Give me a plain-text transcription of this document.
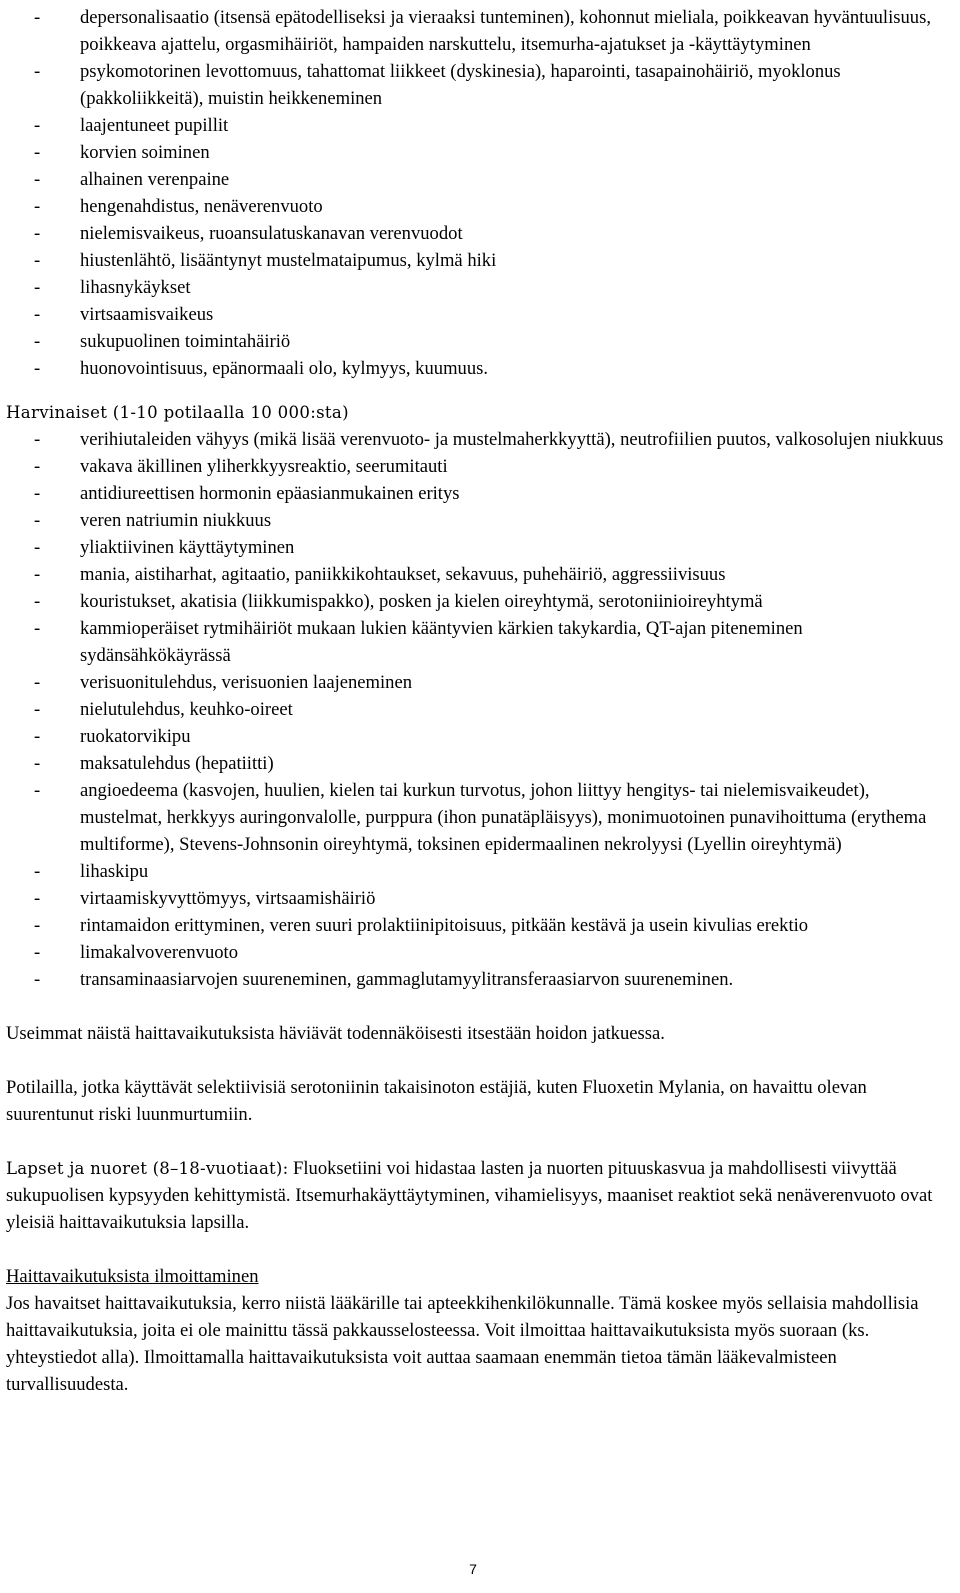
- depersonalisaatio (itsensä epätodelliseksi ja vieraaksi tunteminen), kohonnut mieliala, poikkeavan hyväntuulisuus, poikkeava ajattelu, orgasmihäiriöt, hampaiden narskuttelu, itsemurha-ajatukset ja -käyttäytyminen
- psykomotorinen levottomuus, tahattomat liikkeet (dyskinesia), haparointi, tasapainohäiriö, myoklonus (pakkoliikkeitä), muistin heikkeneminen
- laajentuneet pupillit
- korvien soiminen
- alhainen verenpaine
- hengenahdistus, nenäverenvuoto
- nielemisvaikeus, ruoansulatuskanavan verenvuodot
- hiustenlähtö, lisääntynyt mustelmataipumus, kylmä hiki
- lihasnykäykset
- virtsaamisvaikeus
- sukupuolinen toimintahäiriö
- huonovointisuus, epänormaali olo, kylmyys, kuumuus.
Harvinaiset (1-10 potilaalla 10 000:sta)
- verihiutaleiden vähyys (mikä lisää verenvuoto- ja mustelmaherkkyyttä), neutrofiilien puutos, valkosolujen niukkuus
- vakava äkillinen yliherkkyysreaktio, seerumitauti
- antidiureettisen hormonin epäasianmukainen eritys
- veren natriumin niukkuus
- yliaktiivinen käyttäytyminen
- mania, aistiharhat, agitaatio, paniikkikohtaukset, sekavuus, puhehäiriö, aggressiivisuus
- kouristukset, akatisia (liikkumispakko), posken ja kielen oireyhtymä, serotoniinioireyhtymä
- kammioperäiset rytmihäiriöt mukaan lukien kääntyvien kärkien takykardia, QT-ajan piteneminen sydänsähkökäyrässä
- verisuonitulehdus, verisuonien laajeneminen
- nielutulehdus, keuhko-oireet
- ruokatorvikipu
- maksatulehdus (hepatiitti)
- angioedeema (kasvojen, huulien, kielen tai kurkun turvotus, johon liittyy hengitys- tai nielemisvaikeudet), mustelmat, herkkyys auringonvalolle, purppura (ihon punatäpläisyys), monimuotoinen punavihoittuma (erythema multiforme), Stevens-Johnsonin oireyhtymä, toksinen epidermaalinen nekrolyysi (Lyellin oireyhtymä)
- lihaskipu
- virtaamiskyvyttömyys, virtsaamishäiriö
- rintamaidon erittyminen, veren suuri prolaktiinipitoisuus, pitkään kestävä ja usein kivulias erektio
- limakalvoverenvuoto
- transaminaasiarvojen suureneminen, gammaglutamyylitransferaasiarvon suureneminen.

Useimmat näistä haittavaikutuksista häviävät todennäköisesti itsestään hoidon jatkuessa.

Potilailla, jotka käyttävät selektiivisiä serotoniinin takaisinoton estäjiä, kuten Fluoxetin Mylania, on havaittu olevan suurentunut riski luunmurtumiin.

Lapset ja nuoret (8–18-vuotiaat): Fluoksetiini voi hidastaa lasten ja nuorten pituuskasvua ja mahdollisesti viivyttää sukupuolisen kypsyyden kehittymistä. Itsemurhakäyttäytyminen, vihamielisyys, maaniset reaktiot sekä nenäverenvuoto ovat yleisiä haittavaikutuksia lapsilla.

Haittavaikutuksista ilmoittaminen
Jos havaitset haittavaikutuksia, kerro niistä lääkärille tai apteekkihenkilökunnalle. Tämä koskee myös sellaisia mahdollisia haittavaikutuksia, joita ei ole mainittu tässä pakkausselosteessa. Voit ilmoittaa haittavaikutuksista myös suoraan (ks. yhteystiedot alla). Ilmoittamalla haittavaikutuksista voit auttaa saamaan enemmän tietoa tämän lääkevalmisteen turvallisuudesta.
7
